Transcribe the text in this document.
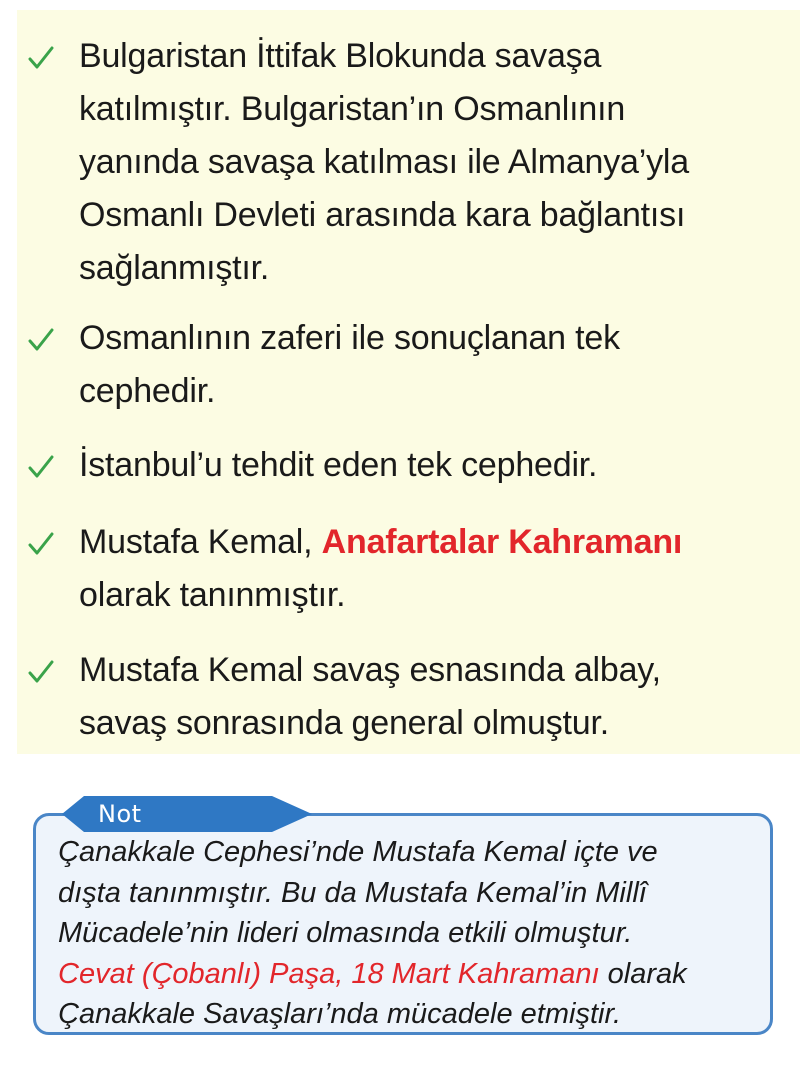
Bulgaristan İttifak Blokunda savaşa
katılmıştır. Bulgaristan’ın Osmanlının
yanında savaşa katılması ile Almanya’yla
Osmanlı Devleti arasında kara bağlantısı
sağlanmıştır.
Osmanlının zaferi ile sonuçlanan tek
cephedir.
İstanbul’u tehdit eden tek cephedir.
Mustafa Kemal, Anafartalar Kahramanı
olarak tanınmıştır.
Mustafa Kemal savaş esnasında albay,
savaş sonrasında general olmuştur.
Not
Çanakkale Cephesi’nde Mustafa Kemal içte ve
dışta tanınmıştır. Bu da Mustafa Kemal’in Millî
Mücadele’nin lideri olmasında etkili olmuştur.
Cevat (Çobanlı) Paşa, 18 Mart Kahramanı olarak
Çanakkale Savaşları’nda mücadele etmiştir.
